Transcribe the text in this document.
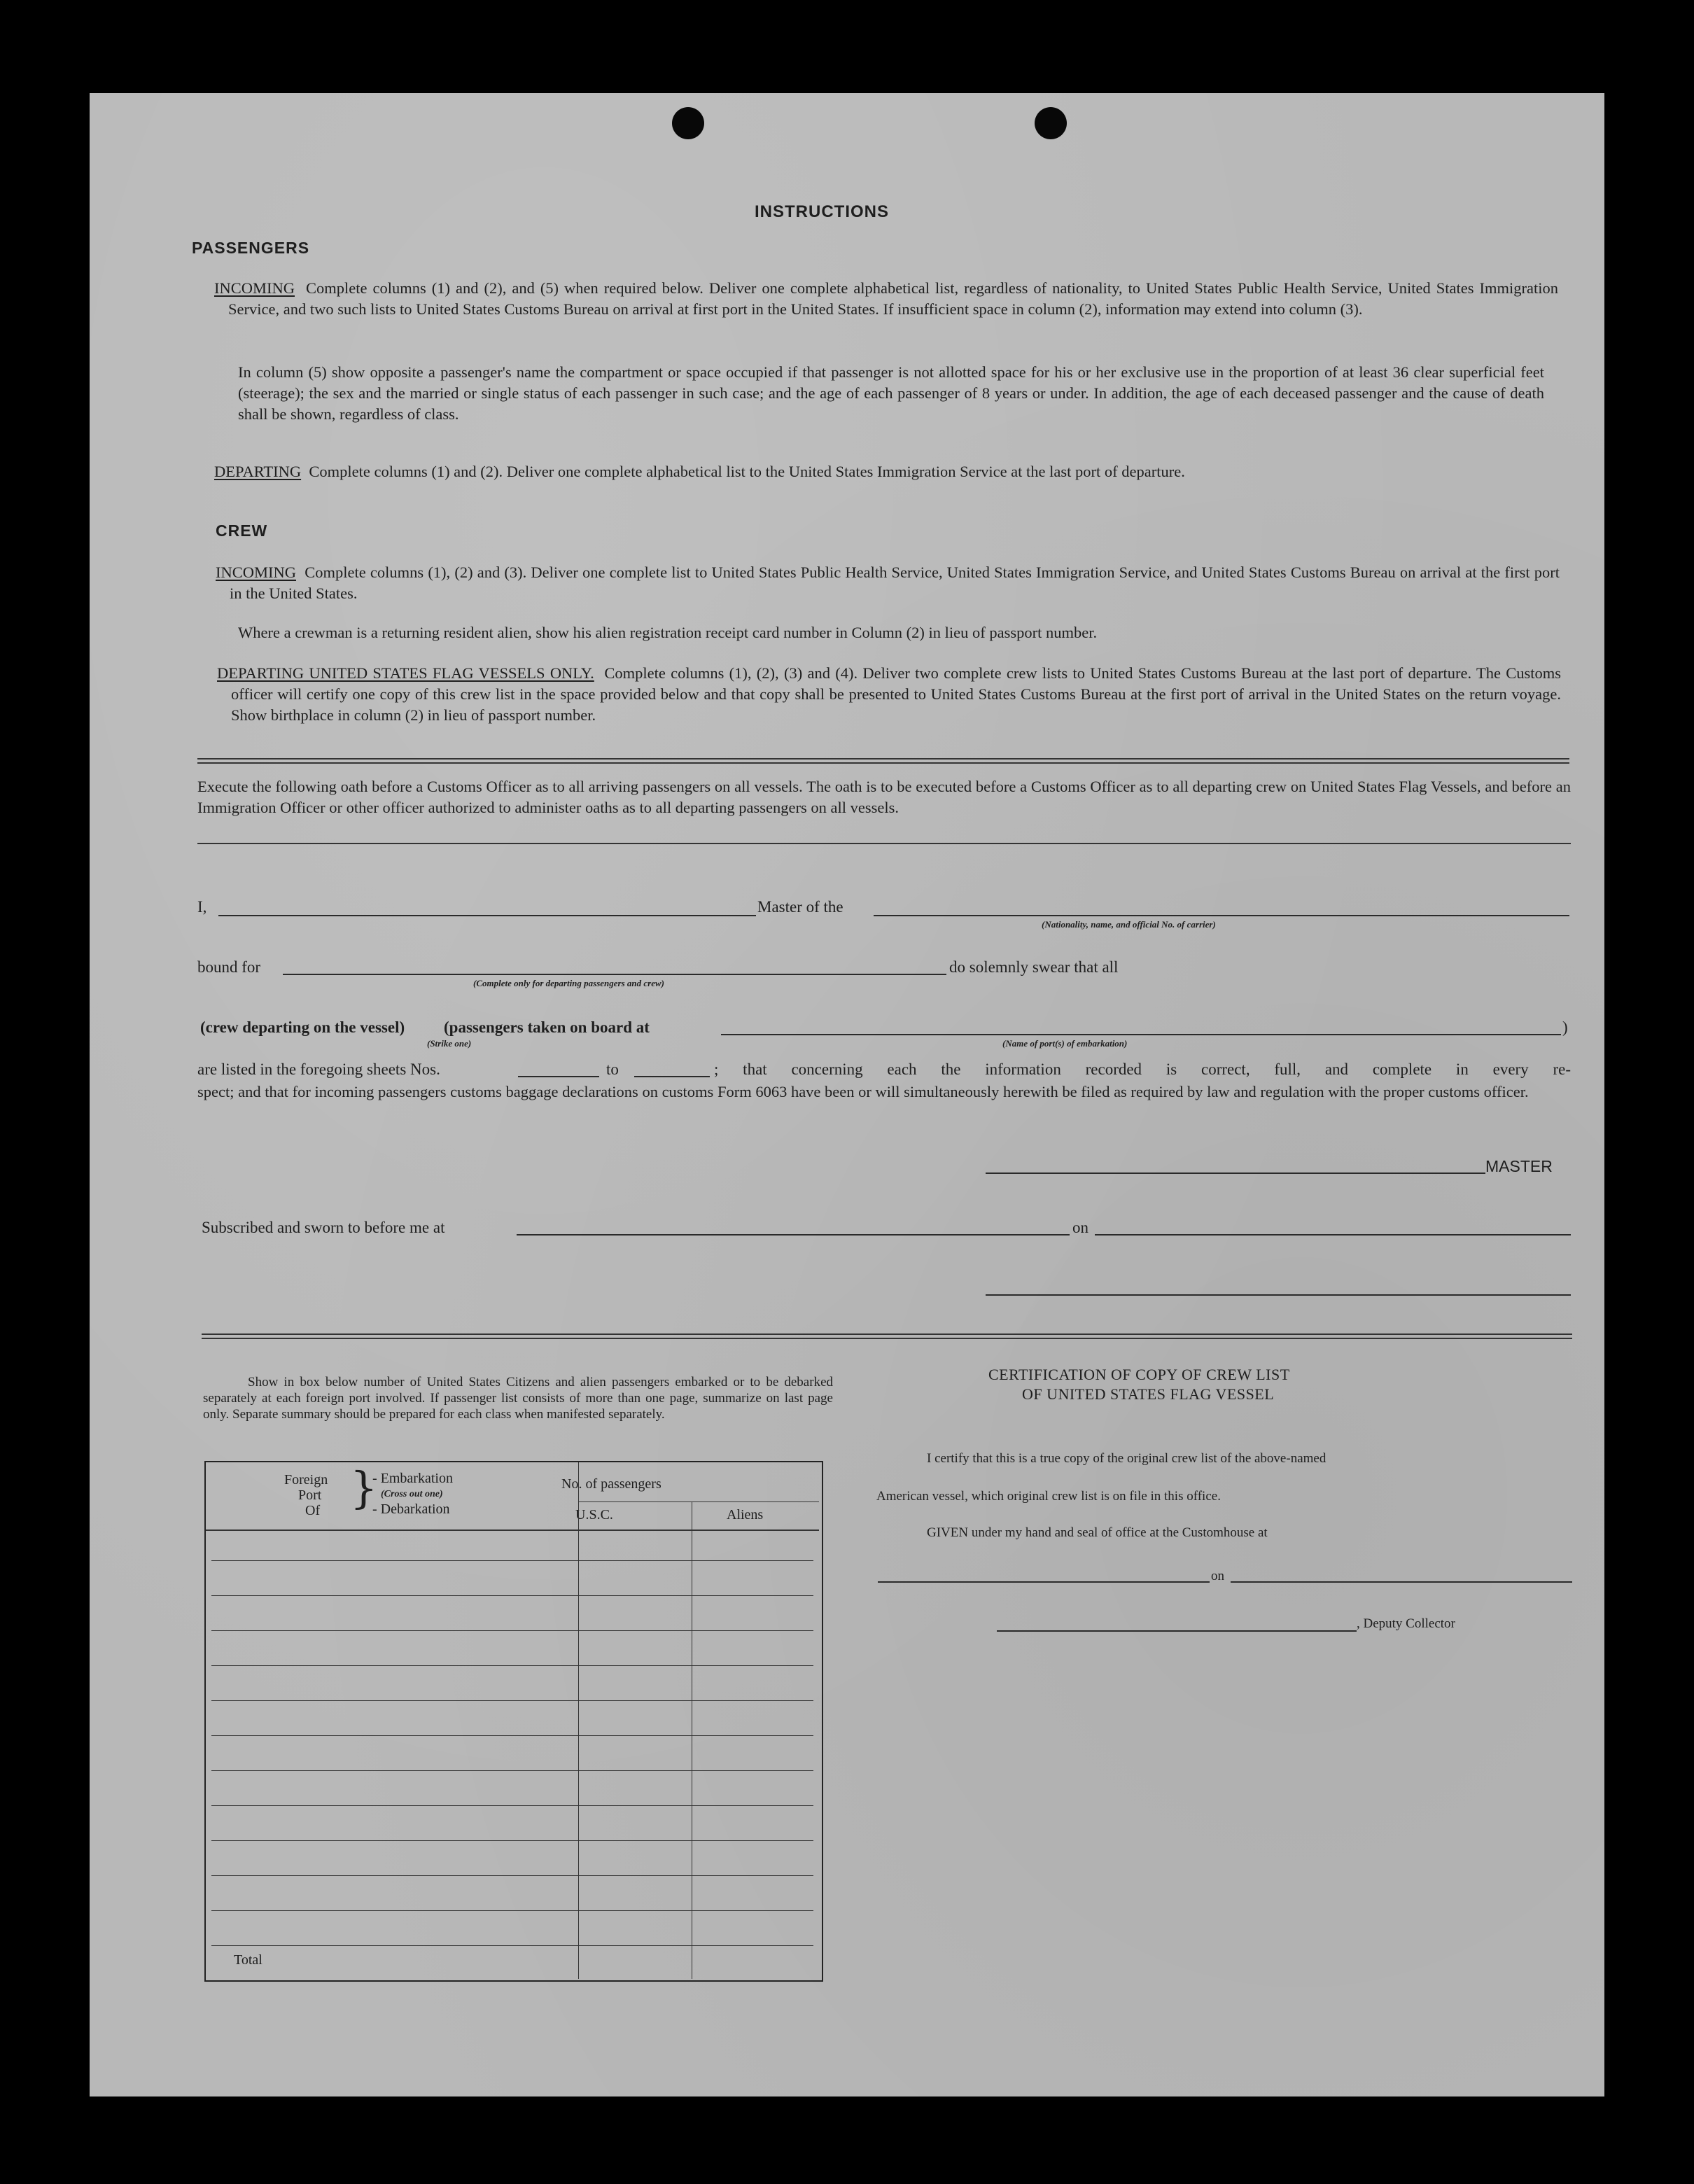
INSTRUCTIONS
PASSENGERS
INCOMING Complete columns (1) and (2), and (5) when required below. Deliver one complete alphabetical list, regardless of nationality, to United States Public Health Service, United States Immigration Service, and two such lists to United States Customs Bureau on arrival at first port in the United States. If insufficient space in column (2), information may extend into column (3).
In column (5) show opposite a passenger's name the compartment or space occupied if that passenger is not allotted space for his or her exclusive use in the proportion of at least 36 clear superficial feet (steerage); the sex and the married or single status of each passenger in such case; and the age of each passenger of 8 years or under. In addition, the age of each deceased passenger and the cause of death shall be shown, regardless of class.
DEPARTING Complete columns (1) and (2). Deliver one complete alphabetical list to the United States Immigration Service at the last port of departure.
CREW
INCOMING Complete columns (1), (2) and (3). Deliver one complete list to United States Public Health Service, United States Immigration Service, and United States Customs Bureau on arrival at the first port in the United States.
Where a crewman is a returning resident alien, show his alien registration receipt card number in Column (2) in lieu of passport number.
DEPARTING UNITED STATES FLAG VESSELS ONLY. Complete columns (1), (2), (3) and (4). Deliver two complete crew lists to United States Customs Bureau at the last port of departure. The Customs officer will certify one copy of this crew list in the space provided below and that copy shall be presented to United States Customs Bureau at the first port of arrival in the United States on the return voyage. Show birthplace in column (2) in lieu of passport number.
Execute the following oath before a Customs Officer as to all arriving passengers on all vessels. The oath is to be executed before a Customs Officer as to all departing crew on United States Flag Vessels, and before an Immigration Officer or other officer authorized to administer oaths as to all departing passengers on all vessels.
I,	Master of the
(Nationality, name, and official No. of carrier)
bound for
(Complete only for departing passengers and crew)
do solemnly swear that all
(crew departing on the vessel)
(Strike one)
(passengers taken on board at	)
(Name of port(s) of embarkation)
are listed in the foregoing sheets Nos.	to	; that concerning each the information recorded is correct, full, and complete in every re-
spect; and that for incoming passengers customs baggage declarations on customs Form 6063 have been or will simultaneously herewith be filed as required by law and regulation with the proper customs officer.
MASTER
Subscribed and sworn to before me at	on
Show in box below number of United States Citizens and alien passengers embarked or to be debarked separately at each foreign port involved. If passenger list consists of more than one page, summarize on last page only. Separate summary should be prepared for each class when manifested separately.
Foreign
Port
Of }
- Embarkation
(Cross out one)
- Debarkation
No. of passengers
U.S.C.	Aliens
Total
CERTIFICATION OF COPY OF CREW LIST
OF UNITED STATES FLAG VESSEL
I certify that this is a true copy of the original crew list of the above-named
American vessel, which original crew list is on file in this office.
GIVEN under my hand and seal of office at the Customhouse at
on
, Deputy Collector
